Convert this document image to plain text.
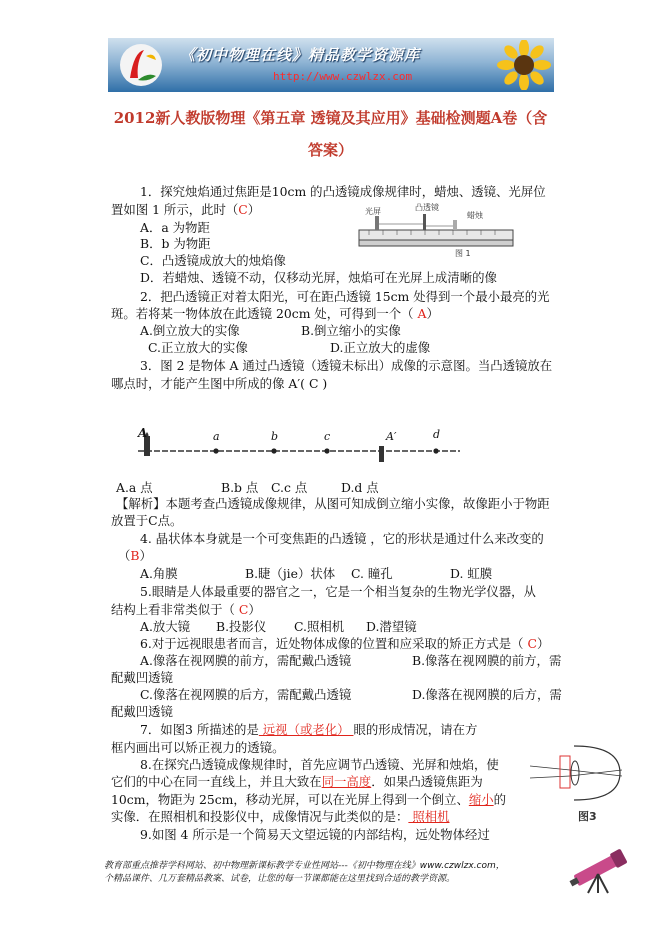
《初中物理在线》精品教学资源库
http://www.czwlzx.com
2012新人教版物理《第五章 透镜及其应用》基础检测题A卷（含
答案）
1．探究烛焰通过焦距是10cm 的凸透镜成像规律时，蜡烛、透镜、光屏位
置如图 1 所示，此时（C）
A．a 为物距
B．b 为物距
C．凸透镜成放大的烛焰像
D．若蜡烛、透镜不动，仅移动光屏，烛焰可在光屏上成清晰的像
光屏	凸透镜
蜡烛
图 1
2．把凸透镜正对着太阳光，可在距凸透镜 15cm 处得到一个最小最亮的光
斑。若将某一物体放在此透镜 20cm 处，可得到一个（ A）
A.倒立放大的实像	B.倒立缩小的实像
C.正立放大的实像	D.正立放大的虚像
3．图 2 是物体 A 通过凸透镜（透镜未标出）成像的示意图。当凸透镜放在
哪点时，才能产生图中所成的像 A′( C )
A	a	b	c	A′	d
A.a 点	B.b 点 C.c 点	D.d 点
【解析】本题考查凸透镜成像规律，从图可知成倒立缩小实像，故像距小于物距
放置于C点。
4. 晶状体本身就是一个可变焦距的凸透镜 ，它的形状是通过什么来改变的
（B）
A.角膜	B.睫（jie）状体 C. 瞳孔	D. 虹膜
5.眼睛是人体最重要的器官之一，它是一个相当复杂的生物光学仪器，从
结构上看非常类似于（ C）
A.放大镜 B.投影仪 C.照相机 D.潜望镜
6.对于远视眼患者而言，近处物体成像的位置和应采取的矫正方式是（ C）
A.像落在视网膜的前方，需配戴凸透镜	B.像落在视网膜的前方，需
配戴凹透镜
C.像落在视网膜的后方，需配戴凸透镜	D.像落在视网膜的后方，需
配戴凹透镜
7．如图3 所描述的是 远视（或老化） 眼的形成情况，请在方
框内画出可以矫正视力的透镜。
图3
8.在探究凸透镜成像规律时，首先应调节凸透镜、光屏和烛焰，使
它们的中心在同一直线上，并且大致在同一高度．如果凸透镜焦距为
10cm，物距为 25cm，移动光屏，可以在光屏上得到一个倒立、缩小的
实像．在照相机和投影仪中，成像情况与此类似的是： 照相机
9.如图 4 所示是一个简易天文望远镜的内部结构，远处物体经过
教育部重点推荐学科网站、初中物理新课标教学专业性网站---《初中物理在线》www.czwlzx.com，
个精品课件、几万套精品教案、试卷，让您的每一节课都能在这里找到合适的教学资源。
